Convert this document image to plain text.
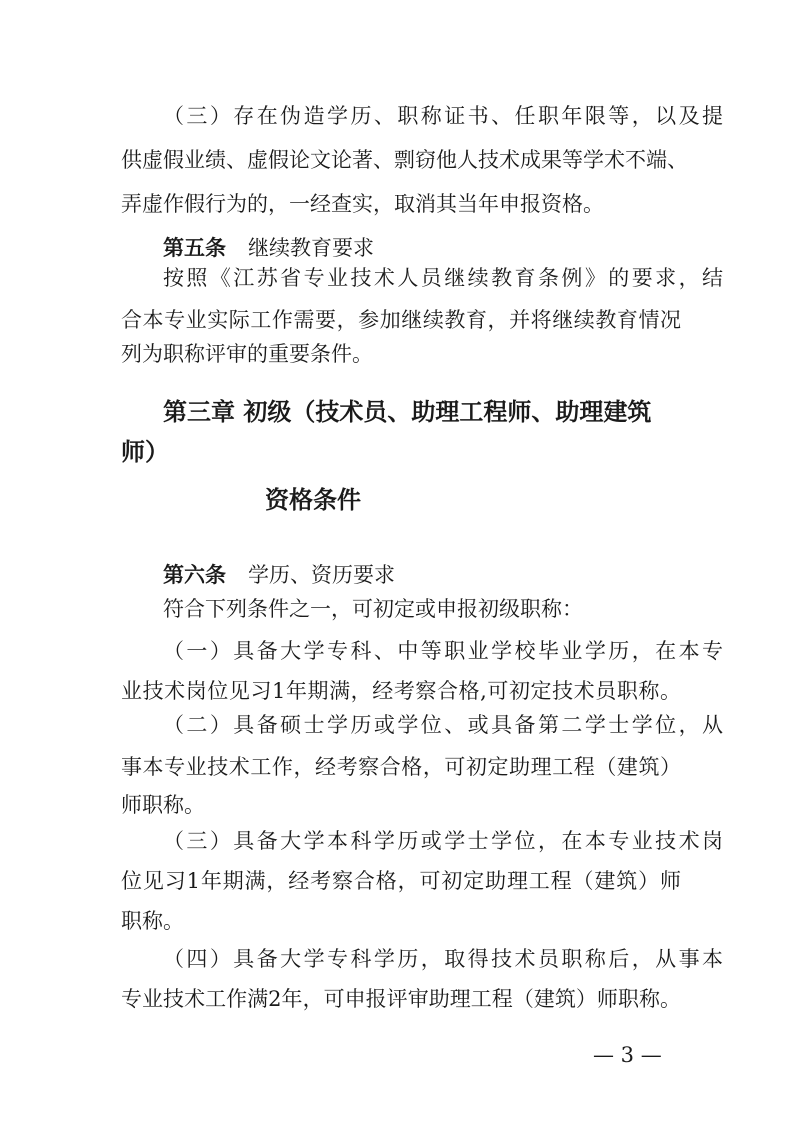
（三）存在伪造学历、职称证书、任职年限等，以及提
供虚假业绩、虚假论文论著、剽窃他人技术成果等学术不端、
弄虚作假行为的，一经查实，取消其当年申报资格。
第五条 继续教育要求
按照《江苏省专业技术人员继续教育条例》的要求，结
合本专业实际工作需要，参加继续教育，并将继续教育情况
列为职称评审的重要条件。
第三章 初级（技术员、助理工程师、助理建筑
师）
资格条件
第六条 学历、资历要求
符合下列条件之一，可初定或申报初级职称：
（一）具备大学专科、中等职业学校毕业学历，在本专
业技术岗位见习1年期满，经考察合格,可初定技术员职称。
（二）具备硕士学历或学位、或具备第二学士学位，从
事本专业技术工作，经考察合格，可初定助理工程（建筑）
师职称。
（三）具备大学本科学历或学士学位，在本专业技术岗
位见习1年期满，经考察合格，可初定助理工程（建筑）师
职称。
（四）具备大学专科学历，取得技术员职称后，从事本
专业技术工作满2年，可申报评审助理工程（建筑）师职称。
— 3 —
